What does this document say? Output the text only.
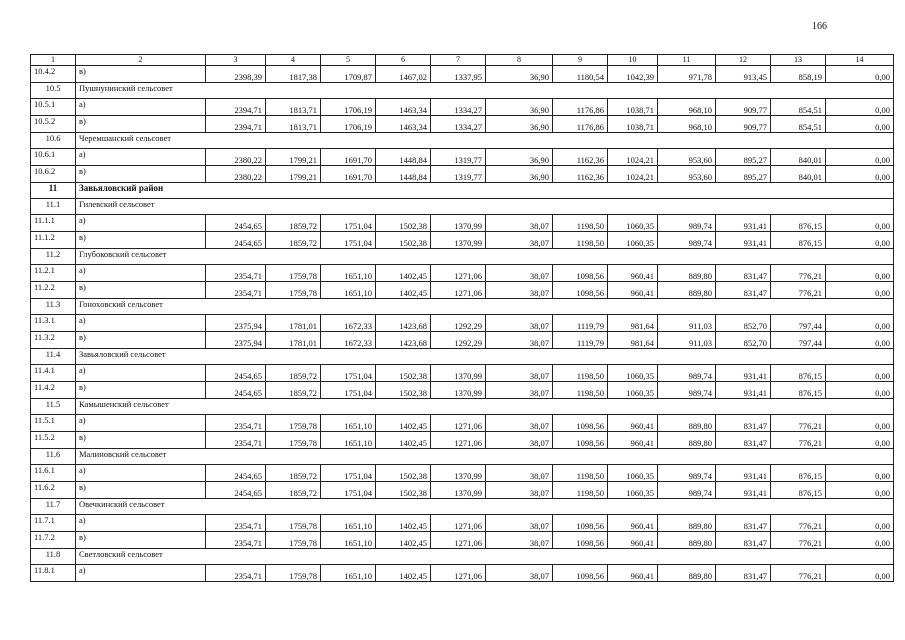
166
1	2	3	4	5	6	7	8	9	10	11	12	13	14
10.4.2	в)	2398,39	1817,38	1709,87	1467,02	1337,95	36,90	1180,54	1042,39	971,78	913,45	858,19	0,00
10.5	Пушнунинский сельсовет												
10.5.1	а)	2394,71	1813,71	1706,19	1463,34	1334,27	36,90	1176,86	1038,71	968,10	909,77	854,51	0,00
10.5.2	в)	2394,71	1813,71	1706,19	1463,34	1334,27	36,90	1176,86	1038,71	968,10	909,77	854,51	0,00
10.6	Черемшанский сельсовет												
10.6.1	а)	2380,22	1799,21	1691,70	1448,84	1319,77	36,90	1162,36	1024,21	953,60	895,27	840,01	0,00
10.6.2	в)	2380,22	1799,21	1691,70	1448,84	1319,77	36,90	1162,36	1024,21	953,60	895,27	840,01	0,00
11	Завьяловский район												
11.1	Гилевский сельсовет												
11.1.1	а)	2454,65	1859,72	1751,04	1502,38	1370,99	38,07	1198,50	1060,35	989,74	931,41	876,15	0,00
11.1.2	в)	2454,65	1859,72	1751,04	1502,38	1370,99	38,07	1198,50	1060,35	989,74	931,41	876,15	0,00
11.2	Глубоковский сельсовет												
11.2.1	а)	2354,71	1759,78	1651,10	1402,45	1271,06	38,07	1098,56	960,41	889,80	831,47	776,21	0,00
11.2.2	в)	2354,71	1759,78	1651,10	1402,45	1271,06	38,07	1098,56	960,41	889,80	831,47	776,21	0,00
11.3	Гонохoвский сельсовет												
11.3.1	а)	2375,94	1781,01	1672,33	1423,68	1292,29	38,07	1119,79	981,64	911,03	852,70	797,44	0,00
11.3.2	в)	2375,94	1781,01	1672,33	1423,68	1292,29	38,07	1119,79	981,64	911,03	852,70	797,44	0,00
11.4	Завьяловский сельсовет												
11.4.1	а)	2454,65	1859,72	1751,04	1502,38	1370,99	38,07	1198,50	1060,35	989,74	931,41	876,15	0,00
11.4.2	в)	2454,65	1859,72	1751,04	1502,38	1370,99	38,07	1198,50	1060,35	989,74	931,41	876,15	0,00
11.5	Камышенский сельсовет												
11.5.1	а)	2354,71	1759,78	1651,10	1402,45	1271,06	38,07	1098,56	960,41	889,80	831,47	776,21	0,00
11.5.2	в)	2354,71	1759,78	1651,10	1402,45	1271,06	38,07	1098,56	960,41	889,80	831,47	776,21	0,00
11.6	Малиновский сельсовет												
11.6.1	а)	2454,65	1859,72	1751,04	1502,38	1370,99	38,07	1198,50	1060,35	989,74	931,41	876,15	0,00
11.6.2	в)	2454,65	1859,72	1751,04	1502,38	1370,99	38,07	1198,50	1060,35	989,74	931,41	876,15	0,00
11.7	Овечкинский сельсовет												
11.7.1	а)	2354,71	1759,78	1651,10	1402,45	1271,06	38,07	1098,56	960,41	889,80	831,47	776,21	0,00
11.7.2	в)	2354,71	1759,78	1651,10	1402,45	1271,06	38,07	1098,56	960,41	889,80	831,47	776,21	0,00
11.8	Светловский сельсовет												
11.8.1	а)	2354,71	1759,78	1651,10	1402,45	1271,06	38,07	1098,56	960,41	889,80	831,47	776,21	0,00
